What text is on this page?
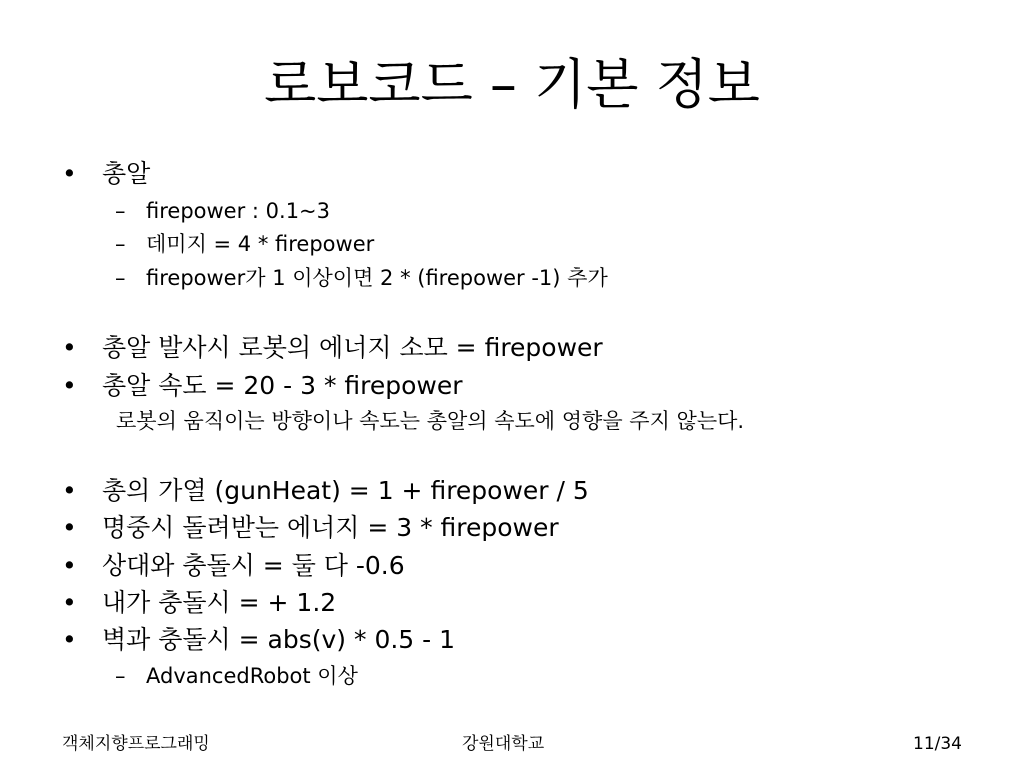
로보코드 – 기본 정보
• 총알
– firepower : 0.1~3
– 데미지 = 4 * firepower
– firepower가 1 이상이면 2 * (firepower -1) 추가
• 총알 발사시 로봇의 에너지 소모 = firepower
• 총알 속도 = 20 - 3 * firepower
로봇의 움직이는 방향이나 속도는 총알의 속도에 영향을 주지 않는다.
• 총의 가열 (gunHeat) = 1 + firepower / 5
• 명중시 돌려받는 에너지 = 3 * firepower
• 상대와 충돌시 = 둘 다 -0.6
• 내가 충돌시 = + 1.2
• 벽과 충돌시 = abs(v) * 0.5 - 1
– AdvancedRobot 이상
객체지향프로그래밍	강원대학교	11/34
